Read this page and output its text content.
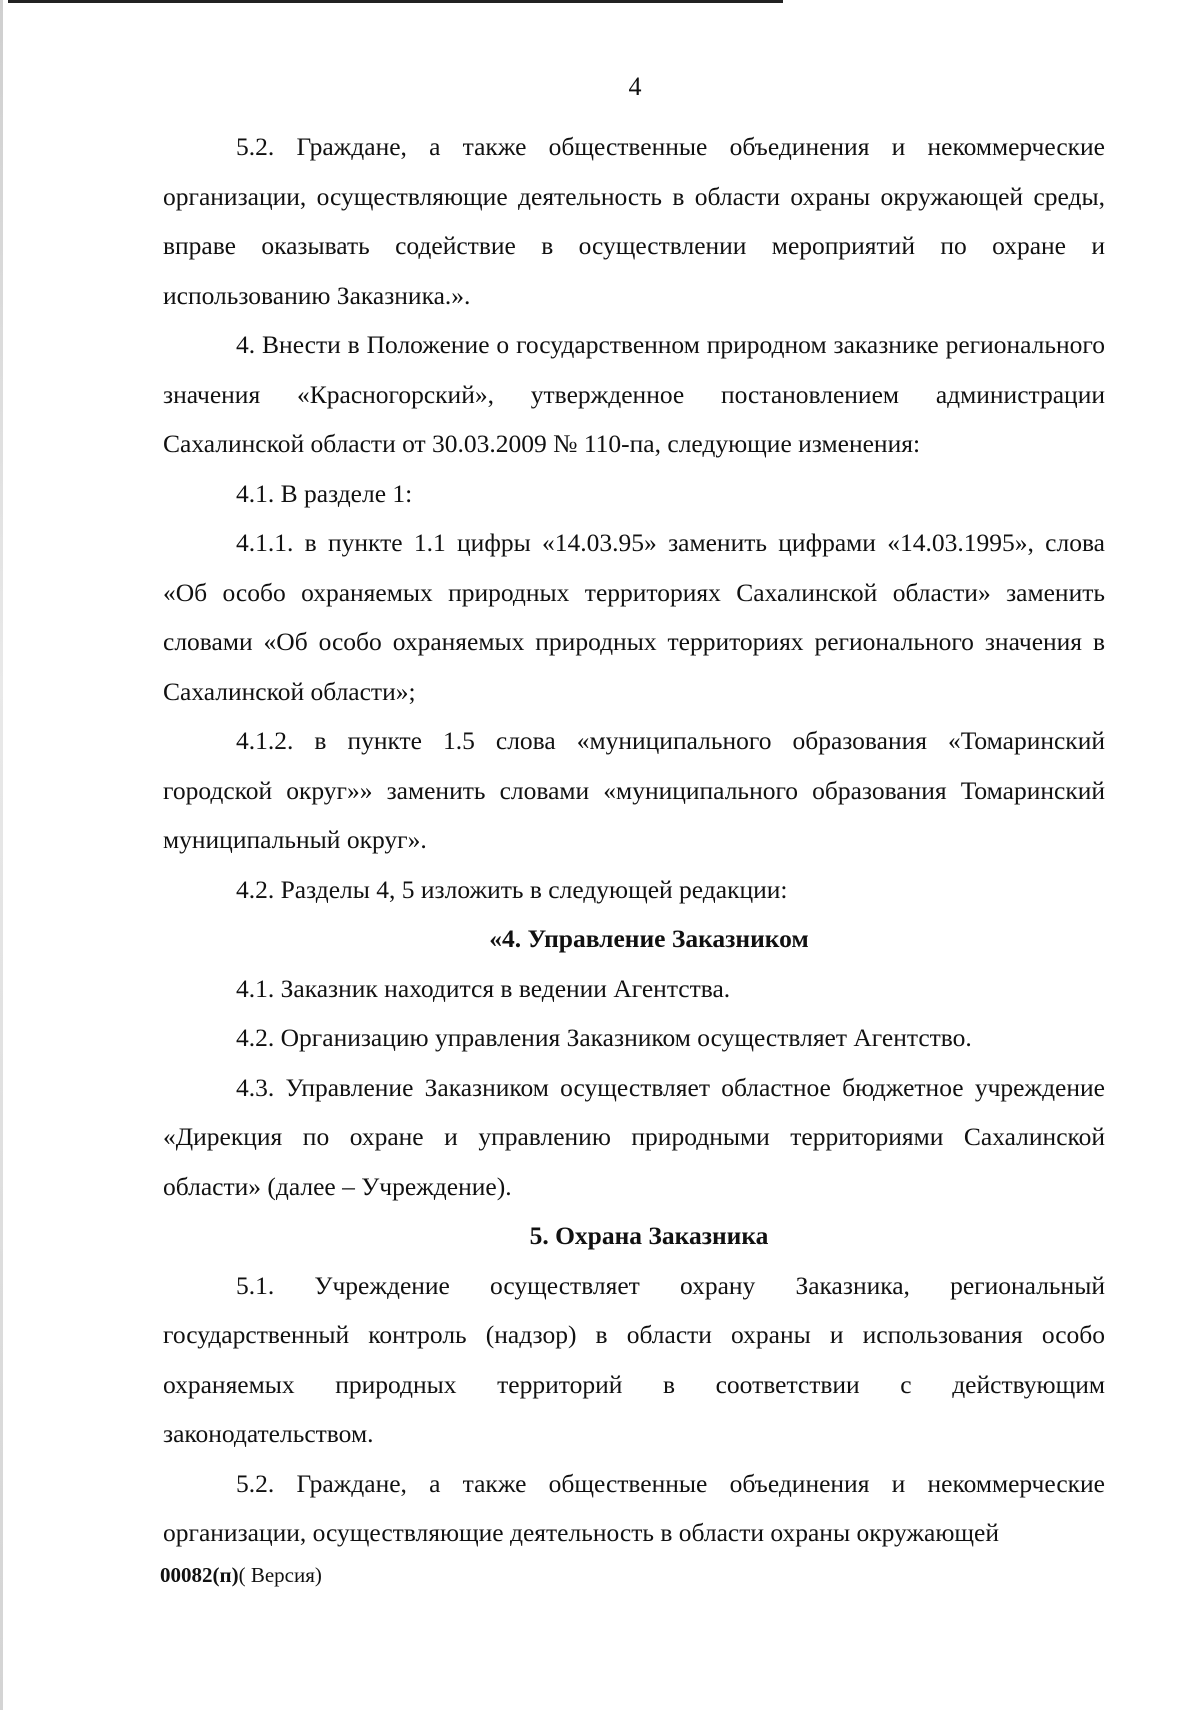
4

5.2. Граждане, а также общественные объединения и некоммерческие организации, осуществляющие деятельность в области охраны окружающей среды, вправе оказывать содействие в осуществлении мероприятий по охране и использованию Заказника.».

4. Внести в Положение о государственном природном заказнике регионального значения «Красногорский», утвержденное постановлением администрации Сахалинской области от 30.03.2009 № 110-па, следующие изменения:

4.1. В разделе 1:

4.1.1. в пункте 1.1 цифры «14.03.95» заменить цифрами «14.03.1995», слова «Об особо охраняемых природных территориях Сахалинской области» заменить словами «Об особо охраняемых природных территориях регионального значения в Сахалинской области»;

4.1.2. в пункте 1.5 слова «муниципального образования «Томаринский городской округ»» заменить словами «муниципального образования Томаринский муниципальный округ».

4.2. Разделы 4, 5 изложить в следующей редакции:

«4. Управление Заказником

4.1. Заказник находится в ведении Агентства.

4.2. Организацию управления Заказником осуществляет Агентство.

4.3. Управление Заказником осуществляет областное бюджетное учреждение «Дирекция по охране и управлению природными территориями Сахалинской области» (далее – Учреждение).

5. Охрана Заказника

5.1. Учреждение осуществляет охрану Заказника, региональный государственный контроль (надзор) в области охраны и использования особо охраняемых природных территорий в соответствии с действующим законодательством.

5.2. Граждане, а также общественные объединения и некоммерческие организации, осуществляющие деятельность в области охраны окружающей

00082(п)( Версия)
